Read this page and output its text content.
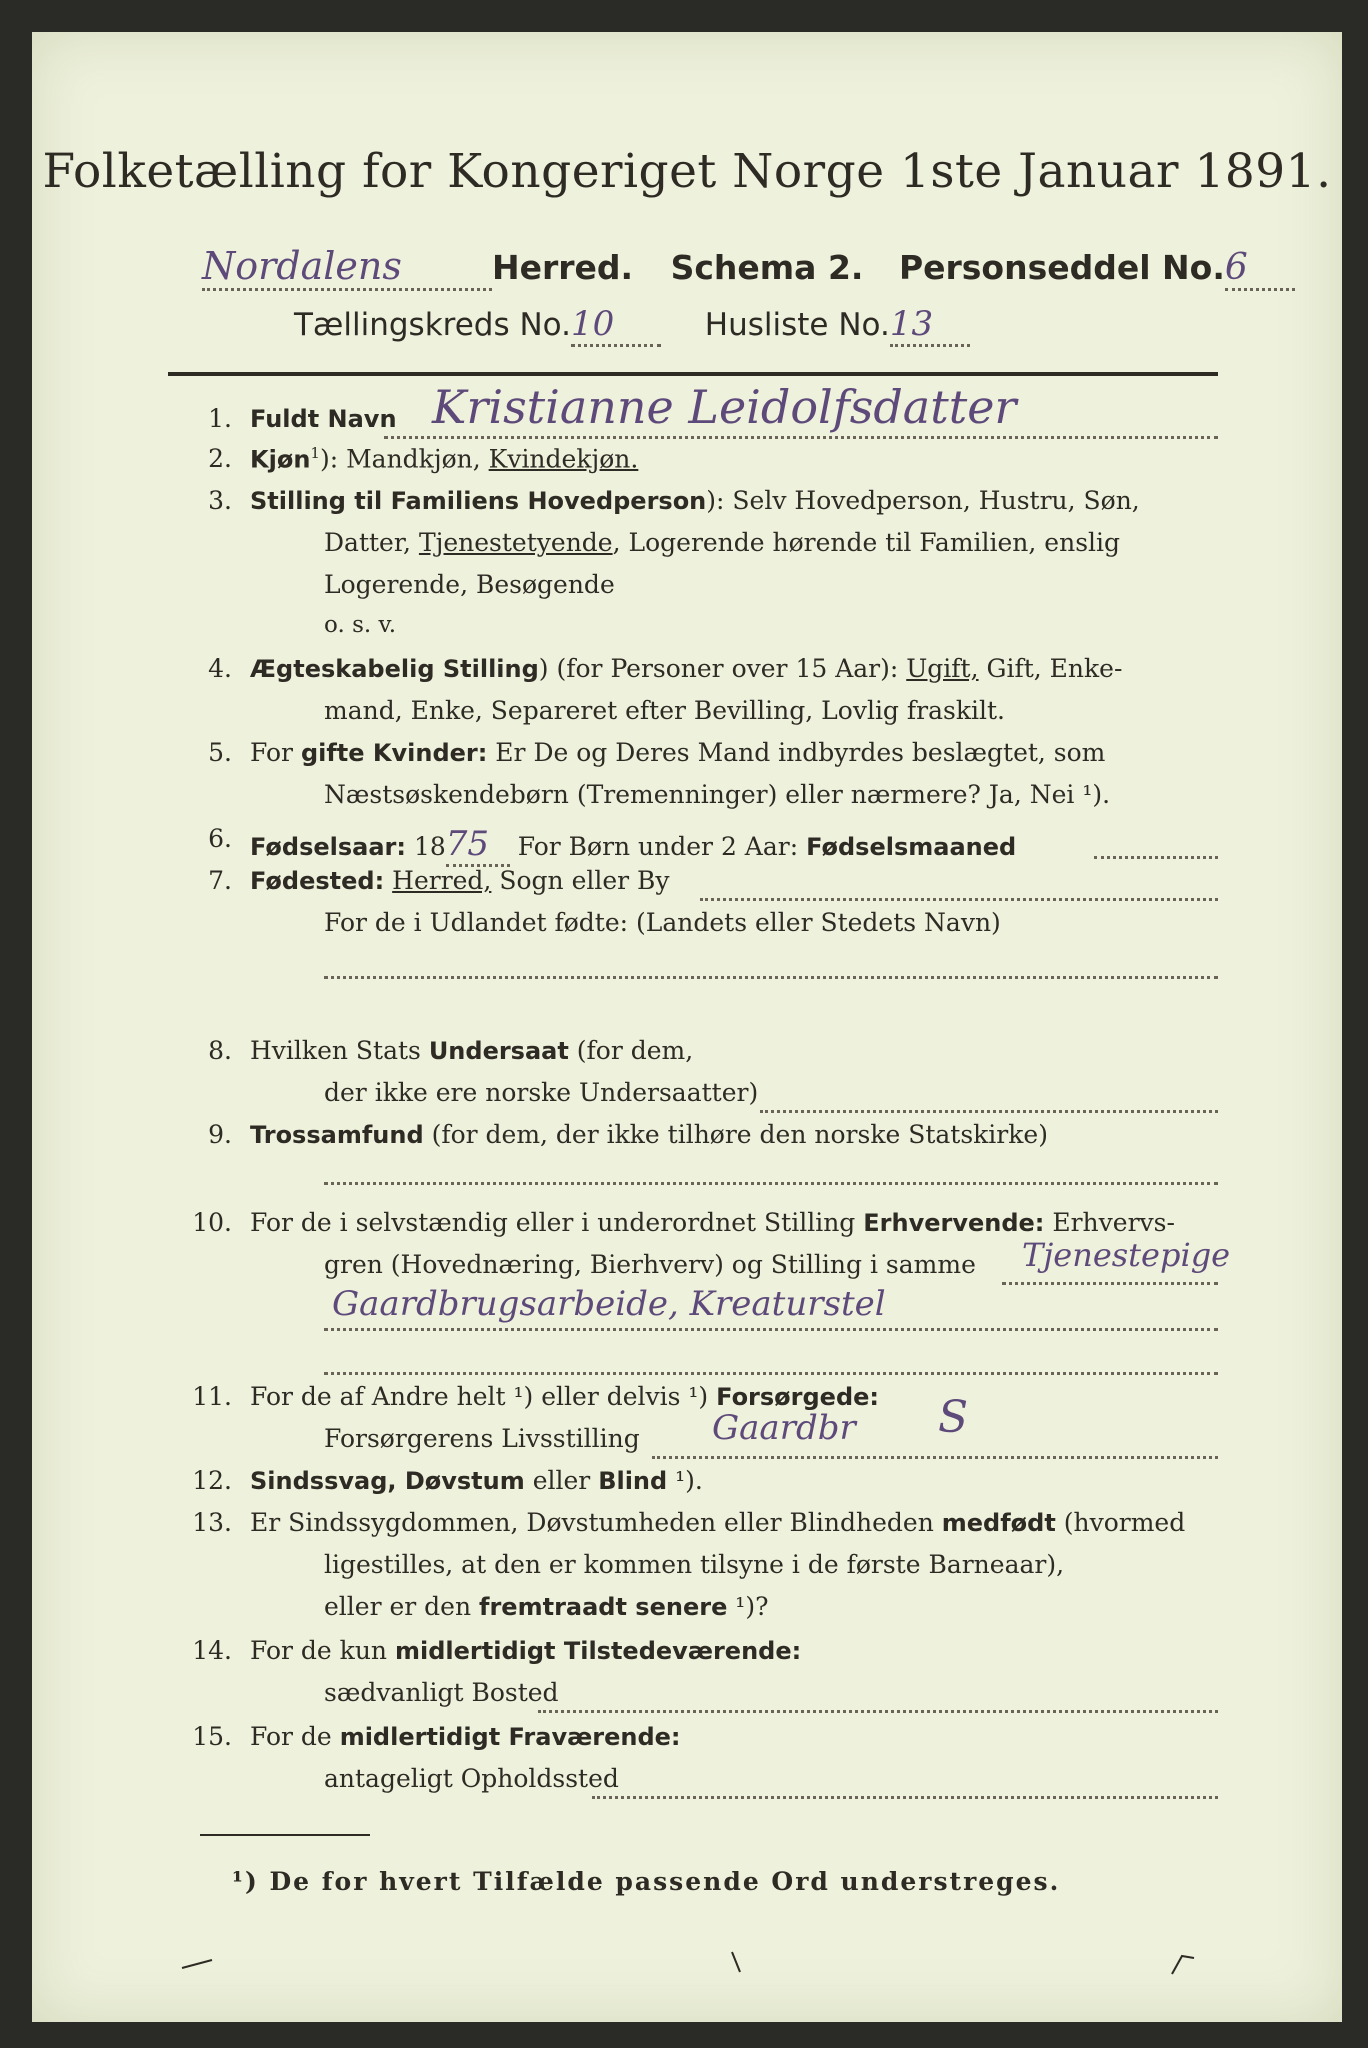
Folketælling for Kongeriget Norge 1ste Januar 1891.
Nordalens	Herred. Schema 2. Personseddel No.6
Tællingskreds No.10	Husliste No.13
1. Fuldt Navn Kristianne Leidolfsdatter
2. Kjøn$^1$): Mandkjøn, Kvindekjøn.
3. Stilling til Familiens Hovedperson): Selv Hovedperson, Hustru, Søn,
Datter, Tjenestetyende, Logerende hørende til Familien, enslig
Logerende, Besøgende
o. s. v.
4. Ægteskabelig Stilling) (for Personer over 15 Aar): Ugift, Gift, Enke-
mand, Enke, Separeret efter Bevilling, Lovlig fraskilt.
5. For gifte Kvinder: Er De og Deres Mand indbyrdes beslægtet, som
Næstsøskendebørn (Tremenninger) eller nærmere? Ja, Nei ¹).
6. Fødselsaar: 1875 For Børn under 2 Aar: Fødselsmaaned
7. Fødested: Herred, Sogn eller By
For de i Udlandet fødte: (Landets eller Stedets Navn)
8. Hvilken Stats Undersaat (for dem,
der ikke ere norske Undersaatter)
9. Trossamfund (for dem, der ikke tilhøre den norske Statskirke)
10. For de i selvstændig eller i underordnet Stilling Erhvervende: Erhvervs-
gren (Hovednæring, Bierhverv) og Stilling i samme Tjenestepige
Gaardbrugsarbeide, Kreaturstel
11. For de af Andre helt ¹) eller delvis ¹) Forsørgede:
Forsørgerens Livsstilling Gaardbr S
12. Sindssvag, Døvstum eller Blind ¹).
13. Er Sindssygdommen, Døvstumheden eller Blindheden medfødt (hvormed
ligestilles, at den er kommen tilsyne i de første Barneaar),
eller er den fremtraadt senere ¹)?
14. For de kun midlertidigt Tilstedeværende:
sædvanligt Bosted
15. For de midlertidigt Fraværende:
antageligt Opholdssted
¹) De for hvert Tilfælde passende Ord understreges.
